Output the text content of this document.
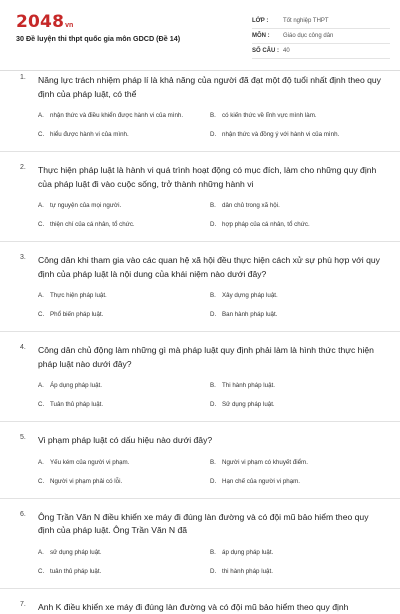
2048vn
30 Đề luyện thi thpt quốc gia môn GDCD (Đề 14)
LỚP :	Tốt nghiệp THPT
MÔN :	Giáo dục công dân
SỐ CÂU : 40
1. Năng lực trách nhiệm pháp lí là khả năng của người đã đạt một độ tuổi nhất định theo quy định của pháp luật, có thể
A. nhận thức và điều khiển được hành vi của mình.	B. có kiến thức về lĩnh vực mình làm.
C. hiểu được hành vi của mình.	D. nhận thức và đồng ý với hành vi của mình.
2. Thực hiện pháp luật là hành vi quá trình hoạt động có mục đích, làm cho những quy định của pháp luật đi vào cuộc sống, trở thành những hành vi
A. tự nguyện của mọi người.	B. dân chủ trong xã hội.
C. thiện chí của cá nhân, tổ chức.	D. hợp pháp của cá nhân, tổ chức.
3. Công dân khi tham gia vào các quan hệ xã hội đều thực hiện cách xử sự phù hợp với quy định của pháp luật là nội dung của khái niệm nào dưới đây?
A. Thực hiện pháp luật.	B. Xây dựng pháp luật.
C. Phổ biến pháp luật.	D. Ban hành pháp luật.
4. Công dân chủ động làm những gì mà pháp luật quy định phải làm là hình thức thực hiện pháp luật nào dưới đây?
A. Áp dụng pháp luật.	B. Thi hành pháp luật.
C. Tuân thủ pháp luật.	D. Sử dụng pháp luật.
5. Vi phạm pháp luật có dấu hiệu nào dưới đây?
A. Yếu kém của người vi phạm.	B. Người vi phạm có khuyết điểm.
C. Người vi phạm phải có lỗi.	D. Hạn chế của người vi phạm.
6. Ông Trần Văn N điều khiển xe máy đi đúng làn đường và có đội mũ bảo hiểm theo quy định của pháp luật. Ông Trần Văn N đã
A. sử dụng pháp luật.	B. áp dụng pháp luật.
C. tuân thủ pháp luật.	D. thi hành pháp luật.
7. Anh K điều khiển xe máy đi đúng làn đường và có đội mũ bảo hiểm theo quy định
